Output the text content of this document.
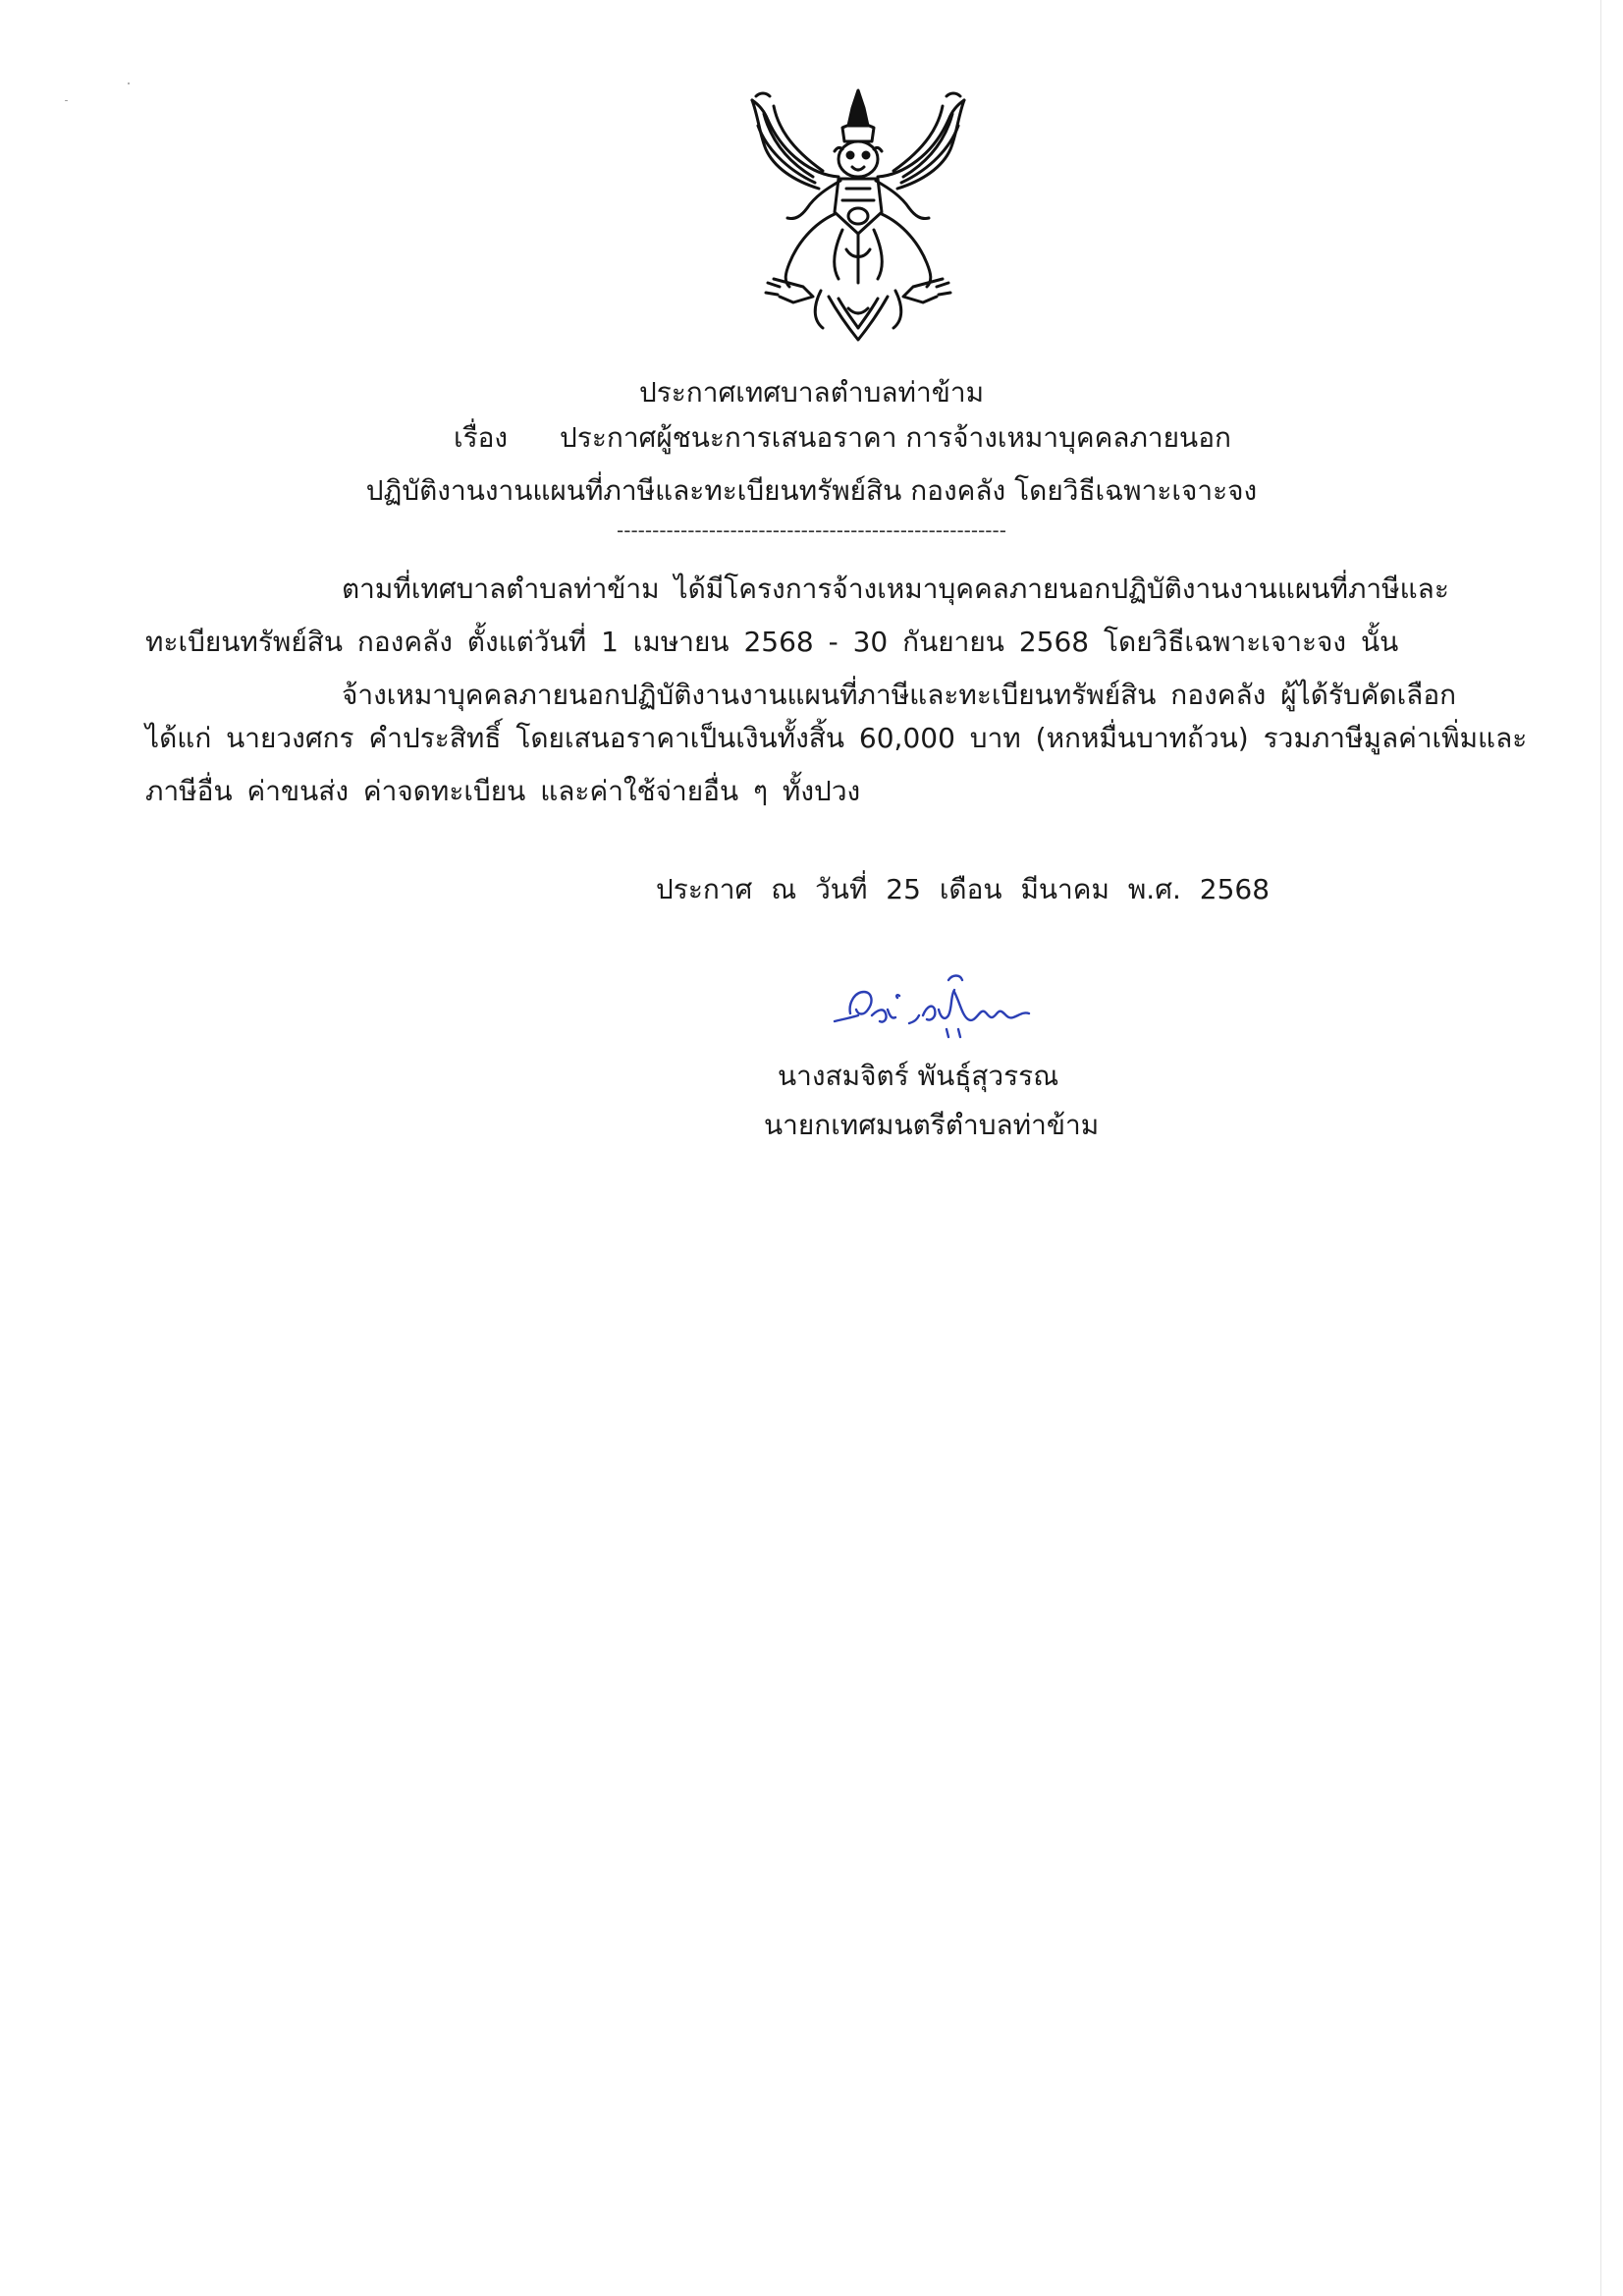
ประกาศเทศบาลตำบลท่าข้าม
เรื่อง ประกาศผู้ชนะการเสนอราคา การจ้างเหมาบุคคลภายนอก
ปฏิบัติงานงานแผนที่ภาษีและทะเบียนทรัพย์สิน กองคลัง โดยวิธีเฉพาะเจาะจง
-------------------------------------------------------
ตามที่เทศบาลตำบลท่าข้าม ได้มีโครงการจ้างเหมาบุคคลภายนอกปฏิบัติงานงานแผนที่ภาษีและ
ทะเบียนทรัพย์สิน กองคลัง ตั้งแต่วันที่ 1 เมษายน 2568 - 30 กันยายน 2568 โดยวิธีเฉพาะเจาะจง นั้น
จ้างเหมาบุคคลภายนอกปฏิบัติงานงานแผนที่ภาษีและทะเบียนทรัพย์สิน กองคลัง ผู้ได้รับคัดเลือก
ได้แก่ นายวงศกร คำประสิทธิ์ โดยเสนอราคาเป็นเงินทั้งสิ้น 60,000 บาท (หกหมื่นบาทถ้วน) รวมภาษีมูลค่าเพิ่มและ
ภาษีอื่น ค่าขนส่ง ค่าจดทะเบียน และค่าใช้จ่ายอื่น ๆ ทั้งปวง
ประกาศ ณ วันที่ 25 เดือน มีนาคม พ.ศ. 2568
นางสมจิตร์ พันธุ์สุวรรณ
นายกเทศมนตรีตำบลท่าข้าม
